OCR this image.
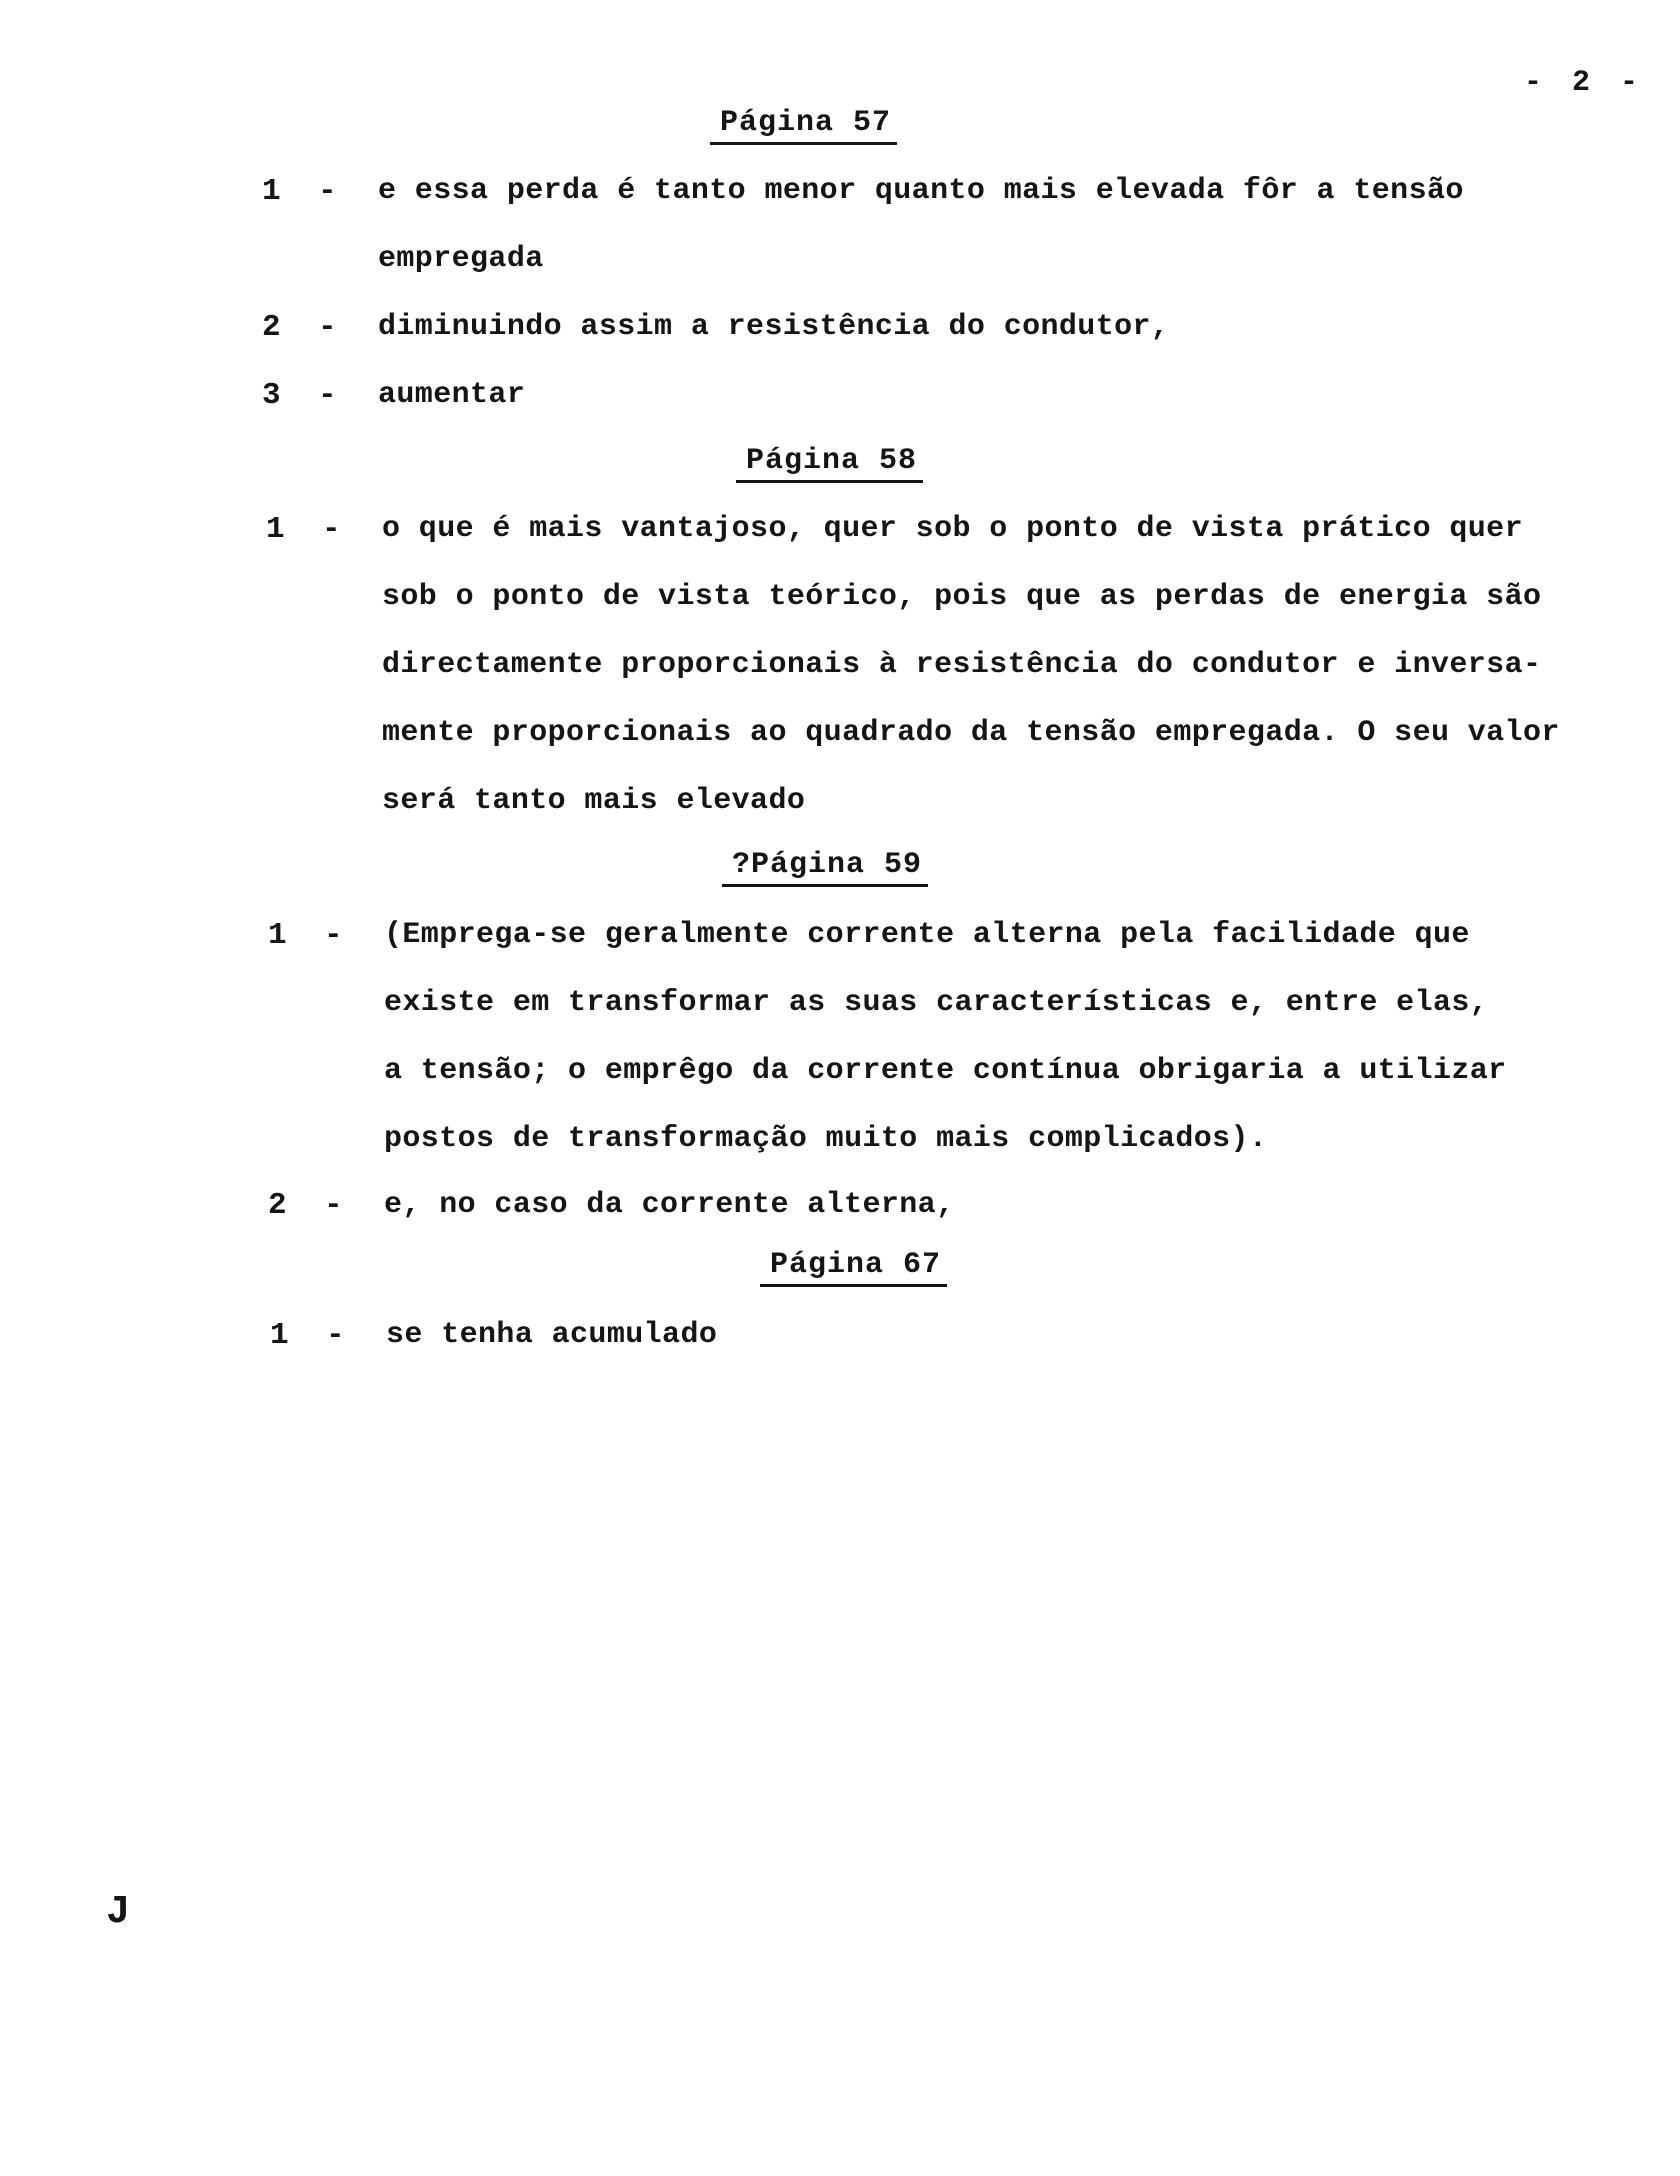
- 2 -
Página 57
1 - e essa perda é tanto menor quanto mais elevada fôr a tensão
empregada
2 - diminuindo assim a resistência do condutor,
3 - aumentar
Página 58
1 - o que é mais vantajoso, quer sob o ponto de vista prático quer
sob o ponto de vista teórico, pois que as perdas de energia são
directamente proporcionais à resistência do condutor e inversa-
mente proporcionais ao quadrado da tensão empregada. O seu valor
será tanto mais elevado
?Página 59
1 - (Emprega-se geralmente corrente alterna pela facilidade que
existe em transformar as suas características e, entre elas,
a tensão; o emprêgo da corrente contínua obrigaria a utilizar
postos de transformação muito mais complicados).
2 - e, no caso da corrente alterna,
Página 67
1 - se tenha acumulado
J
